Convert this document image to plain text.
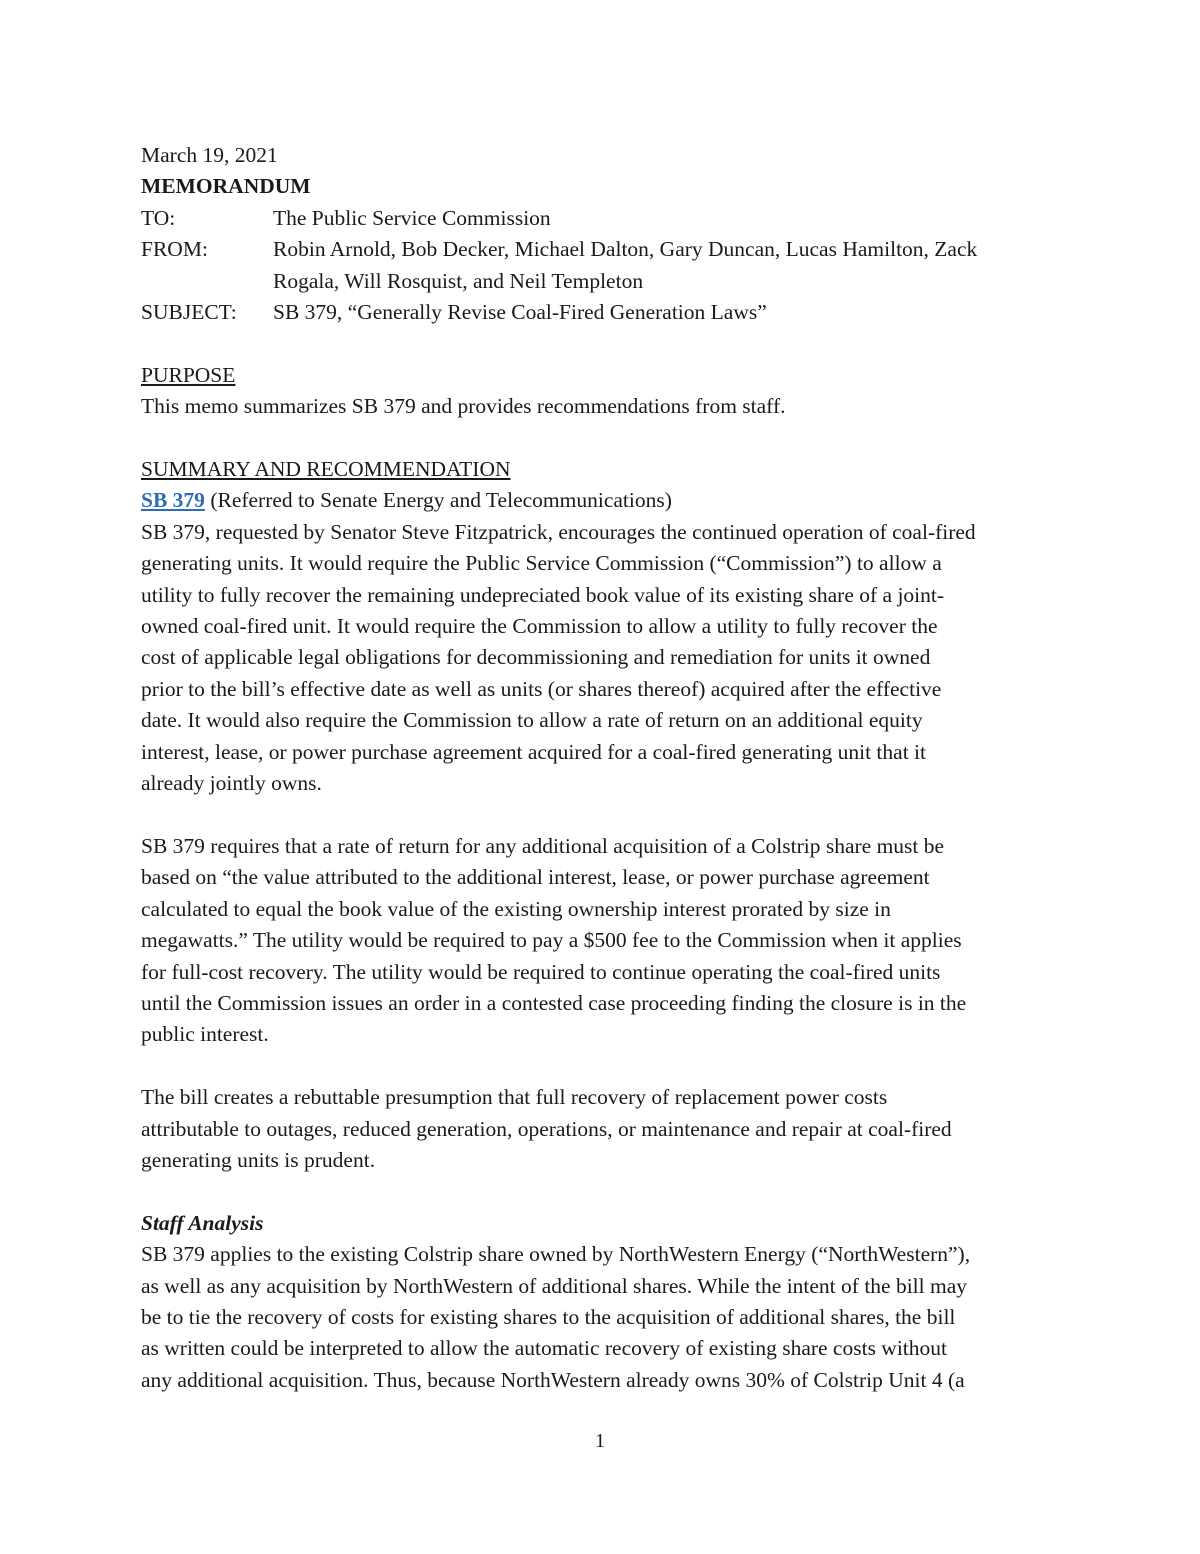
March 19, 2021
MEMORANDUM
TO:	The Public Service Commission
FROM:	Robin Arnold, Bob Decker, Michael Dalton, Gary Duncan, Lucas Hamilton, Zack
Rogala, Will Rosquist, and Neil Templeton
SUBJECT:	SB 379, “Generally Revise Coal-Fired Generation Laws”
PURPOSE
This memo summarizes SB 379 and provides recommendations from staff.
SUMMARY AND RECOMMENDATION
SB 379 (Referred to Senate Energy and Telecommunications)
SB 379, requested by Senator Steve Fitzpatrick, encourages the continued operation of coal-fired
generating units. It would require the Public Service Commission (“Commission”) to allow a
utility to fully recover the remaining undepreciated book value of its existing share of a joint-
owned coal-fired unit. It would require the Commission to allow a utility to fully recover the
cost of applicable legal obligations for decommissioning and remediation for units it owned
prior to the bill’s effective date as well as units (or shares thereof) acquired after the effective
date. It would also require the Commission to allow a rate of return on an additional equity
interest, lease, or power purchase agreement acquired for a coal-fired generating unit that it
already jointly owns.
SB 379 requires that a rate of return for any additional acquisition of a Colstrip share must be
based on “the value attributed to the additional interest, lease, or power purchase agreement
calculated to equal the book value of the existing ownership interest prorated by size in
megawatts.” The utility would be required to pay a $500 fee to the Commission when it applies
for full-cost recovery. The utility would be required to continue operating the coal-fired units
until the Commission issues an order in a contested case proceeding finding the closure is in the
public interest.
The bill creates a rebuttable presumption that full recovery of replacement power costs
attributable to outages, reduced generation, operations, or maintenance and repair at coal-fired
generating units is prudent.
Staff Analysis
SB 379 applies to the existing Colstrip share owned by NorthWestern Energy (“NorthWestern”),
as well as any acquisition by NorthWestern of additional shares. While the intent of the bill may
be to tie the recovery of costs for existing shares to the acquisition of additional shares, the bill
as written could be interpreted to allow the automatic recovery of existing share costs without
any additional acquisition. Thus, because NorthWestern already owns 30% of Colstrip Unit 4 (a
1
